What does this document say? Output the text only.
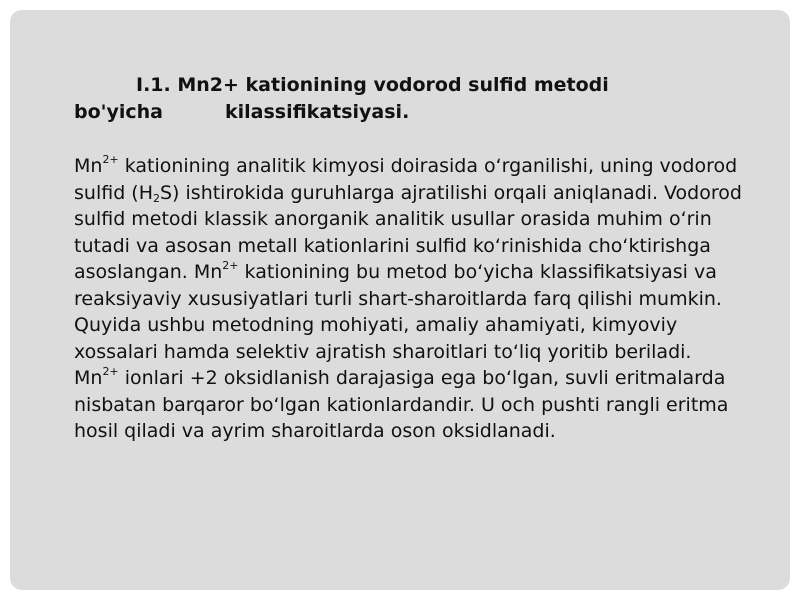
I.1. Mn2+ kationining vodorod sulfid metodi
bo'yicha	kilassifikatsiyasi.

$Mn^{2+}$ kationining analitik kimyosi doirasida o‘rganilishi, uning vodorod sulfid $(H_2S)$ ishtirokida guruhlarga ajratilishi orqali aniqlanadi. Vodorod sulfid metodi klassik anorganik analitik usullar orasida muhim o‘rin tutadi va asosan metall kationlarini sulfid ko‘rinishida cho‘ktirishga asoslangan. $Mn^{2+}$ kationining bu metod bo‘yicha klassifikatsiyasi va reaksiyaviy xususiyatlari turli shart-sharoitlarda farq qilishi mumkin. Quyida ushbu metodning mohiyati, amaliy ahamiyati, kimyoviy xossalari hamda selektiv ajratish sharoitlari to‘liq yoritib beriladi.

$Mn^{2+}$ ionlari +2 oksidlanish darajasiga ega bo‘lgan, suvli eritmalarda nisbatan barqaror bo‘lgan kationlardandir. U och pushti rangli eritma hosil qiladi va ayrim sharoitlarda oson oksidlanadi.
